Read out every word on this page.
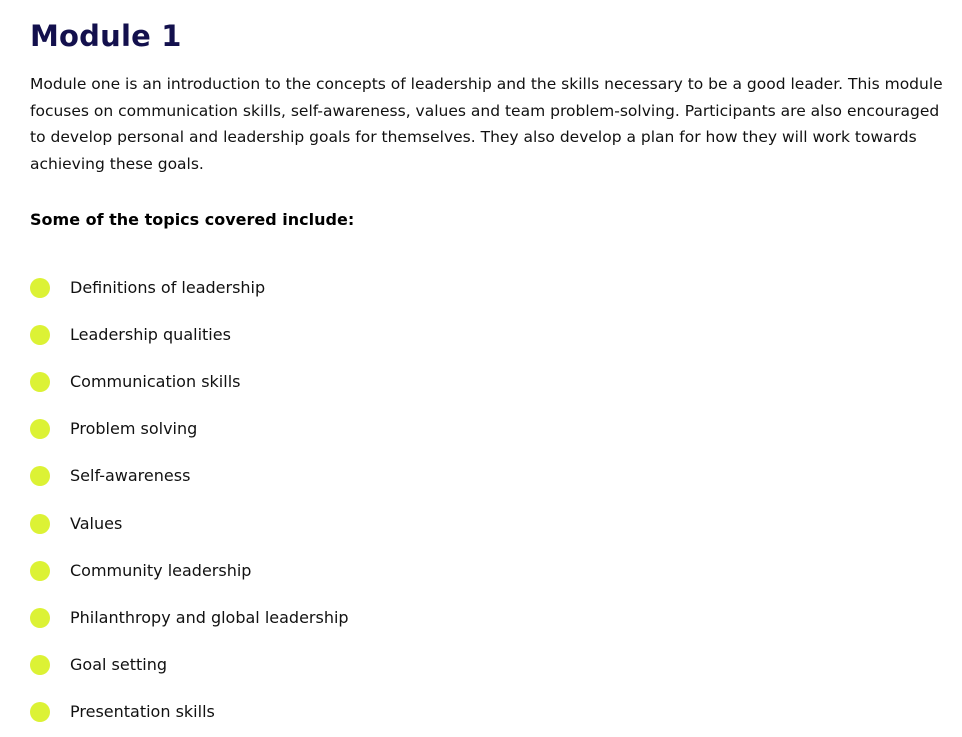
Module 1

Module one is an introduction to the concepts of leadership and the skills necessary to be a good leader. This module focuses on communication skills, self-awareness, values and team problem-solving. Participants are also encouraged to develop personal and leadership goals for themselves. They also develop a plan for how they will work towards achieving these goals.

Some of the topics covered include:
Definitions of leadership
Leadership qualities
Communication skills
Problem solving
Self-awareness
Values
Community leadership
Philanthropy and global leadership
Goal setting
Presentation skills
